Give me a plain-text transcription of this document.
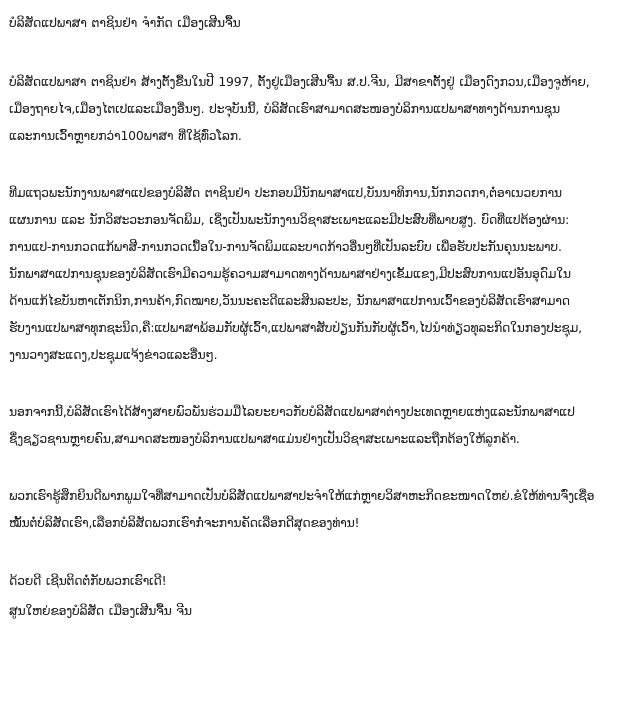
ບໍລິສັດແປພາສາ ຕາຊິນຢ່າ ຈຳກັດ ເມືອງເສີນຈື້ນ

ບໍລິສັດແປພາສາ ຕາຊິນຢ່າ ສ້າງຕັ້ງຂື້ນໃນປີ 1997, ຕັ້ງຢູ່ເມືອງເສີນຈື້ນ ສ.ປ.ຈີນ, ມີສາຂາຕັ້ງຢູ່ ເມືອງດົງກວນ,ເມືອງຈູຫ້າຍ,
ເມືອງຖາຍໄຈ,ເມືອງໄຕເປແລະເມືອງອື່ນໆ. ປະຈຸບັນນີ້, ບໍລິສັດເຮົາສາມາດສະໜອງບໍລິການແປພາສາທາງດ້ານການຊຸນ
ແລະການເວົ້າຫຼາຍກວ່າ100ພາສາ ທີ່ໃຊ້ທົ່ວໂລກ.

ທີມແຖວພະນັກງານພາສາແປຂອງບໍລິສັດ ຕາຊິນຢ່າ ປະກອບມີນັກພາສາແປ,ບັນນາທິການ,ນັກກວດກາ,ຕໍ່ອາເນວຍການ
ແຜນການ ແລະ ນັກວິສະວະກອນຈັດພິມ, ເຊິ່ງເປັນພະນັກງານວິຊາສະເພາະແລະມີປະສົບທີ່ພາບສູງ. ບົດທີ່ແປຕ້ອງຜ່ານ:
ການແປ-ການກວດແກ້ພາສີ-ການກວດເນື້ອໃນ-ການຈັດພິມແລະບາດກ້າວອື່ນໆທີ່ເປັນລະບົບ ເພື່ອຮັບປະກັນຄຸນນະພາບ.
ນັກພາສາແປການຊຸນຂອງບໍລິສັດເຮົາມີຄວາມຮູ້ຄວາມສາມາດທາງດ້ານພາສາຢ່າງເຂັ້ມແຂງ,ມີປະສົບການແປອັນອຸດົມໃນ
ດ້ານແກ້ໄຂບັນຫາເຕັກນິກ,ການຄ້າ,ກົດໝາຍ,ວັນນະຄະດີແລະສິນລະປະ, ນັກພາສາແປການເວົ້າຂອງບໍລິສັດເຮົາສາມາດ
ຮັບງານແປພາສາທຸກຊະນິດ,ຄື:ແປພາສາພ້ອມກັບຜູ້ເວົ້າ,ແປພາສາສັບປ່ຽນກັນກັບຜູ້ເວົ້າ,ໄປນຳທ່ຽວທຸລະກິດໃນກອງປະຊຸມ,
ງານວາງສະແດງ,ປະຊຸມແຈ້ງຂ່າວແລະອື່ນໆ.

ນອກຈາກນີ້,ບໍລິສັດເຮົາໄດ້ສ້າງສາຍພົວພັນຮ່ວມມືໄລຍະຍາວກັບບໍລິສັດແປພາສາຕ່າງປະເທດຫຼາຍແຫ່ງແລະນັກພາສາແປ
ຊຶ່ງຊຽວຊານຫຼາຍຄົນ,ສາມາດສະໜອງບໍລິການແປພາສາແມ່ນຢ່າງເປັນວິຊາສະເພາະແລະຖືກຕ້ອງໃຫ້ລູກຄ້າ.

ພວກເຮົາຮູ້ສຶກຍິນດີພາກພູມໃຈທີ່ສາມາດເປັນບໍລິສັດແປພາສາປະຈຳໃຫ້ແກ່ຫຼາຍວິສາຫະກິດຂະໜາດໃຫຍ່.ຂໍໃຫ້ທ່ານຈົ່ງເຊື່ອ
ໝັ້ນຕໍ່ບໍລິສັດເຮົາ,ເລືອກບໍລິສັດພວກເຮົາກໍ່ຈະການຄັດເລືອກດີສຸດຂອງທ່ານ!

ດ້ວຍດີ ເຊີນຕິດຕໍ່ກັບພວກເຮົາເດີ!

ສູນໃຫຍ່ຂອງບໍລິສັດ ເມືອງເສີນຈື້ນ ຈີນ
